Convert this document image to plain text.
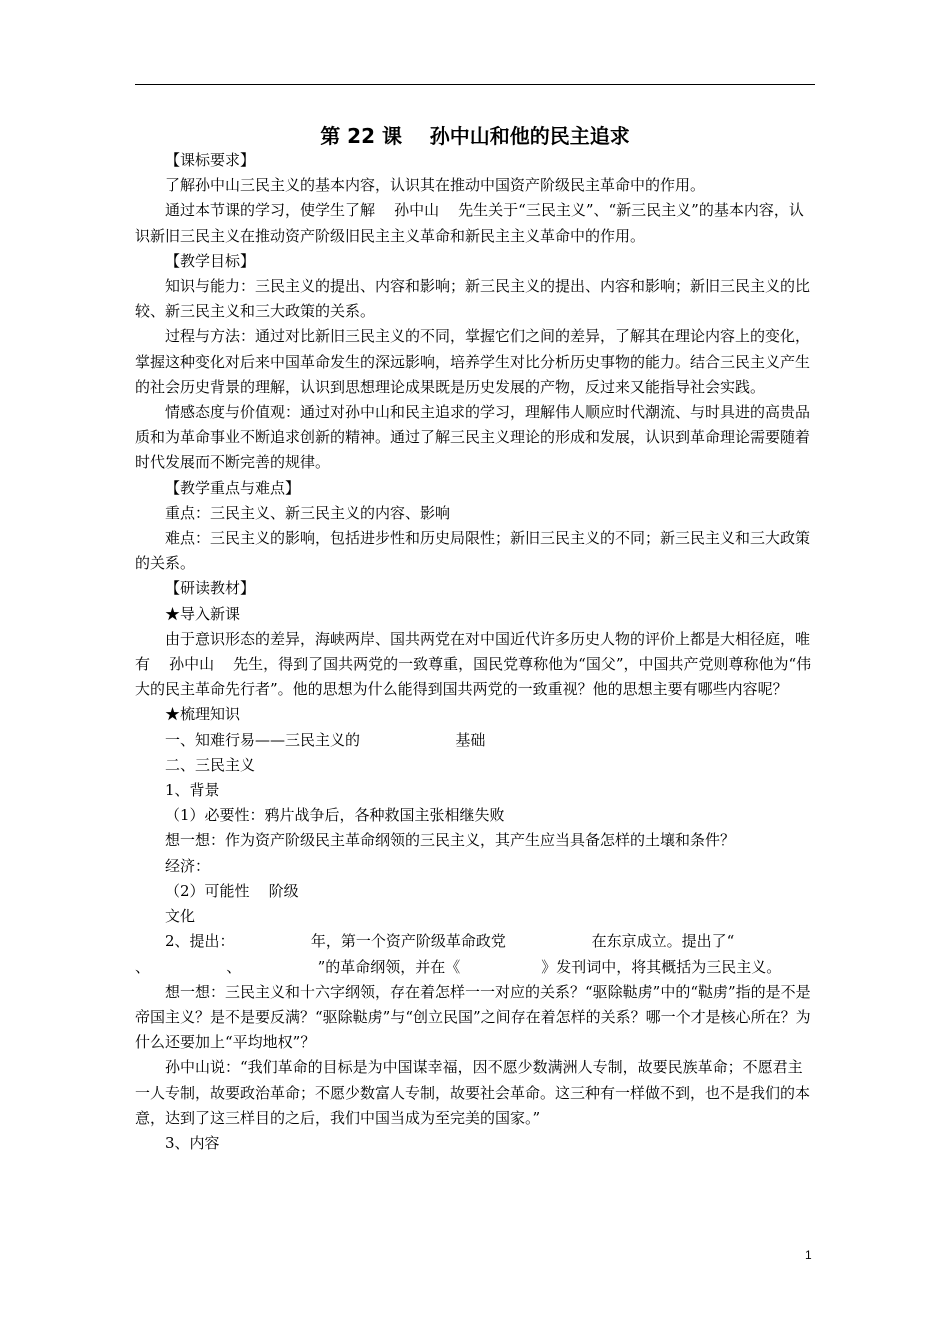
第 22 课    孙中山和他的民主追求

【课标要求】

了解孙中山三民主义的基本内容，认识其在推动中国资产阶级民主革命中的作用。

通过本节课的学习，使学生了解    孙中山    先生关于“三民主义”、“新三民主义”的基本内容，认识新旧三民主义在推动资产阶级旧民主主义革命和新民主主义革命中的作用。

【教学目标】

知识与能力：三民主义的提出、内容和影响；新三民主义的提出、内容和影响；新旧三民主义的比较、新三民主义和三大政策的关系。

过程与方法：通过对比新旧三民主义的不同，掌握它们之间的差异，了解其在理论内容上的变化，掌握这种变化对后来中国革命发生的深远影响，培养学生对比分析历史事物的能力。结合三民主义产生的社会历史背景的理解，认识到思想理论成果既是历史发展的产物，反过来又能指导社会实践。

情感态度与价值观：通过对孙中山和民主追求的学习，理解伟人顺应时代潮流、与时具进的高贵品质和为革命事业不断追求创新的精神。通过了解三民主义理论的形成和发展，认识到革命理论需要随着时代发展而不断完善的规律。

【教学重点与难点】

重点：三民主义、新三民主义的内容、影响

难点：三民主义的影响，包括进步性和历史局限性；新旧三民主义的不同；新三民主义和三大政策的关系。

【研读教材】

★导入新课

由于意识形态的差异，海峡两岸、国共两党在对中国近代许多历史人物的评价上都是大相径庭，唯有    孙中山    先生，得到了国共两党的一致尊重，国民党尊称他为“国父”，中国共产党则尊称他为“伟大的民主革命先行者”。他的思想为什么能得到国共两党的一致重视？他的思想主要有哪些内容呢？

★梳理知识

一、知难行易——三民主义的                    基础

二、三民主义

1、背景

（1）必要性：鸦片战争后，各种救国主张相继失败

想一想：作为资产阶级民主革命纲领的三民主义，其产生应当具备怎样的土壤和条件？

经济：

（2）可能性    阶级

文化

2、提出：                年，第一个资产阶级革命政党                  在东京成立。提出了“                、                、                ”的革命纲领，并在《                 》发刊词中，将其概括为三民主义。

想一想：三民主义和十六字纲领，存在着怎样一一对应的关系？“驱除鞑虏”中的“鞑虏”指的是不是帝国主义？是不是要反满？“驱除鞑虏”与“创立民国”之间存在着怎样的关系？哪一个才是核心所在？为什么还要加上“平均地权”？

孙中山说：“我们革命的目标是为中国谋幸福，因不愿少数满洲人专制，故要民族革命；不愿君主一人专制，故要政治革命；不愿少数富人专制，故要社会革命。这三种有一样做不到，也不是我们的本意，达到了这三样目的之后，我们中国当成为至完美的国家。”

3、内容

1
